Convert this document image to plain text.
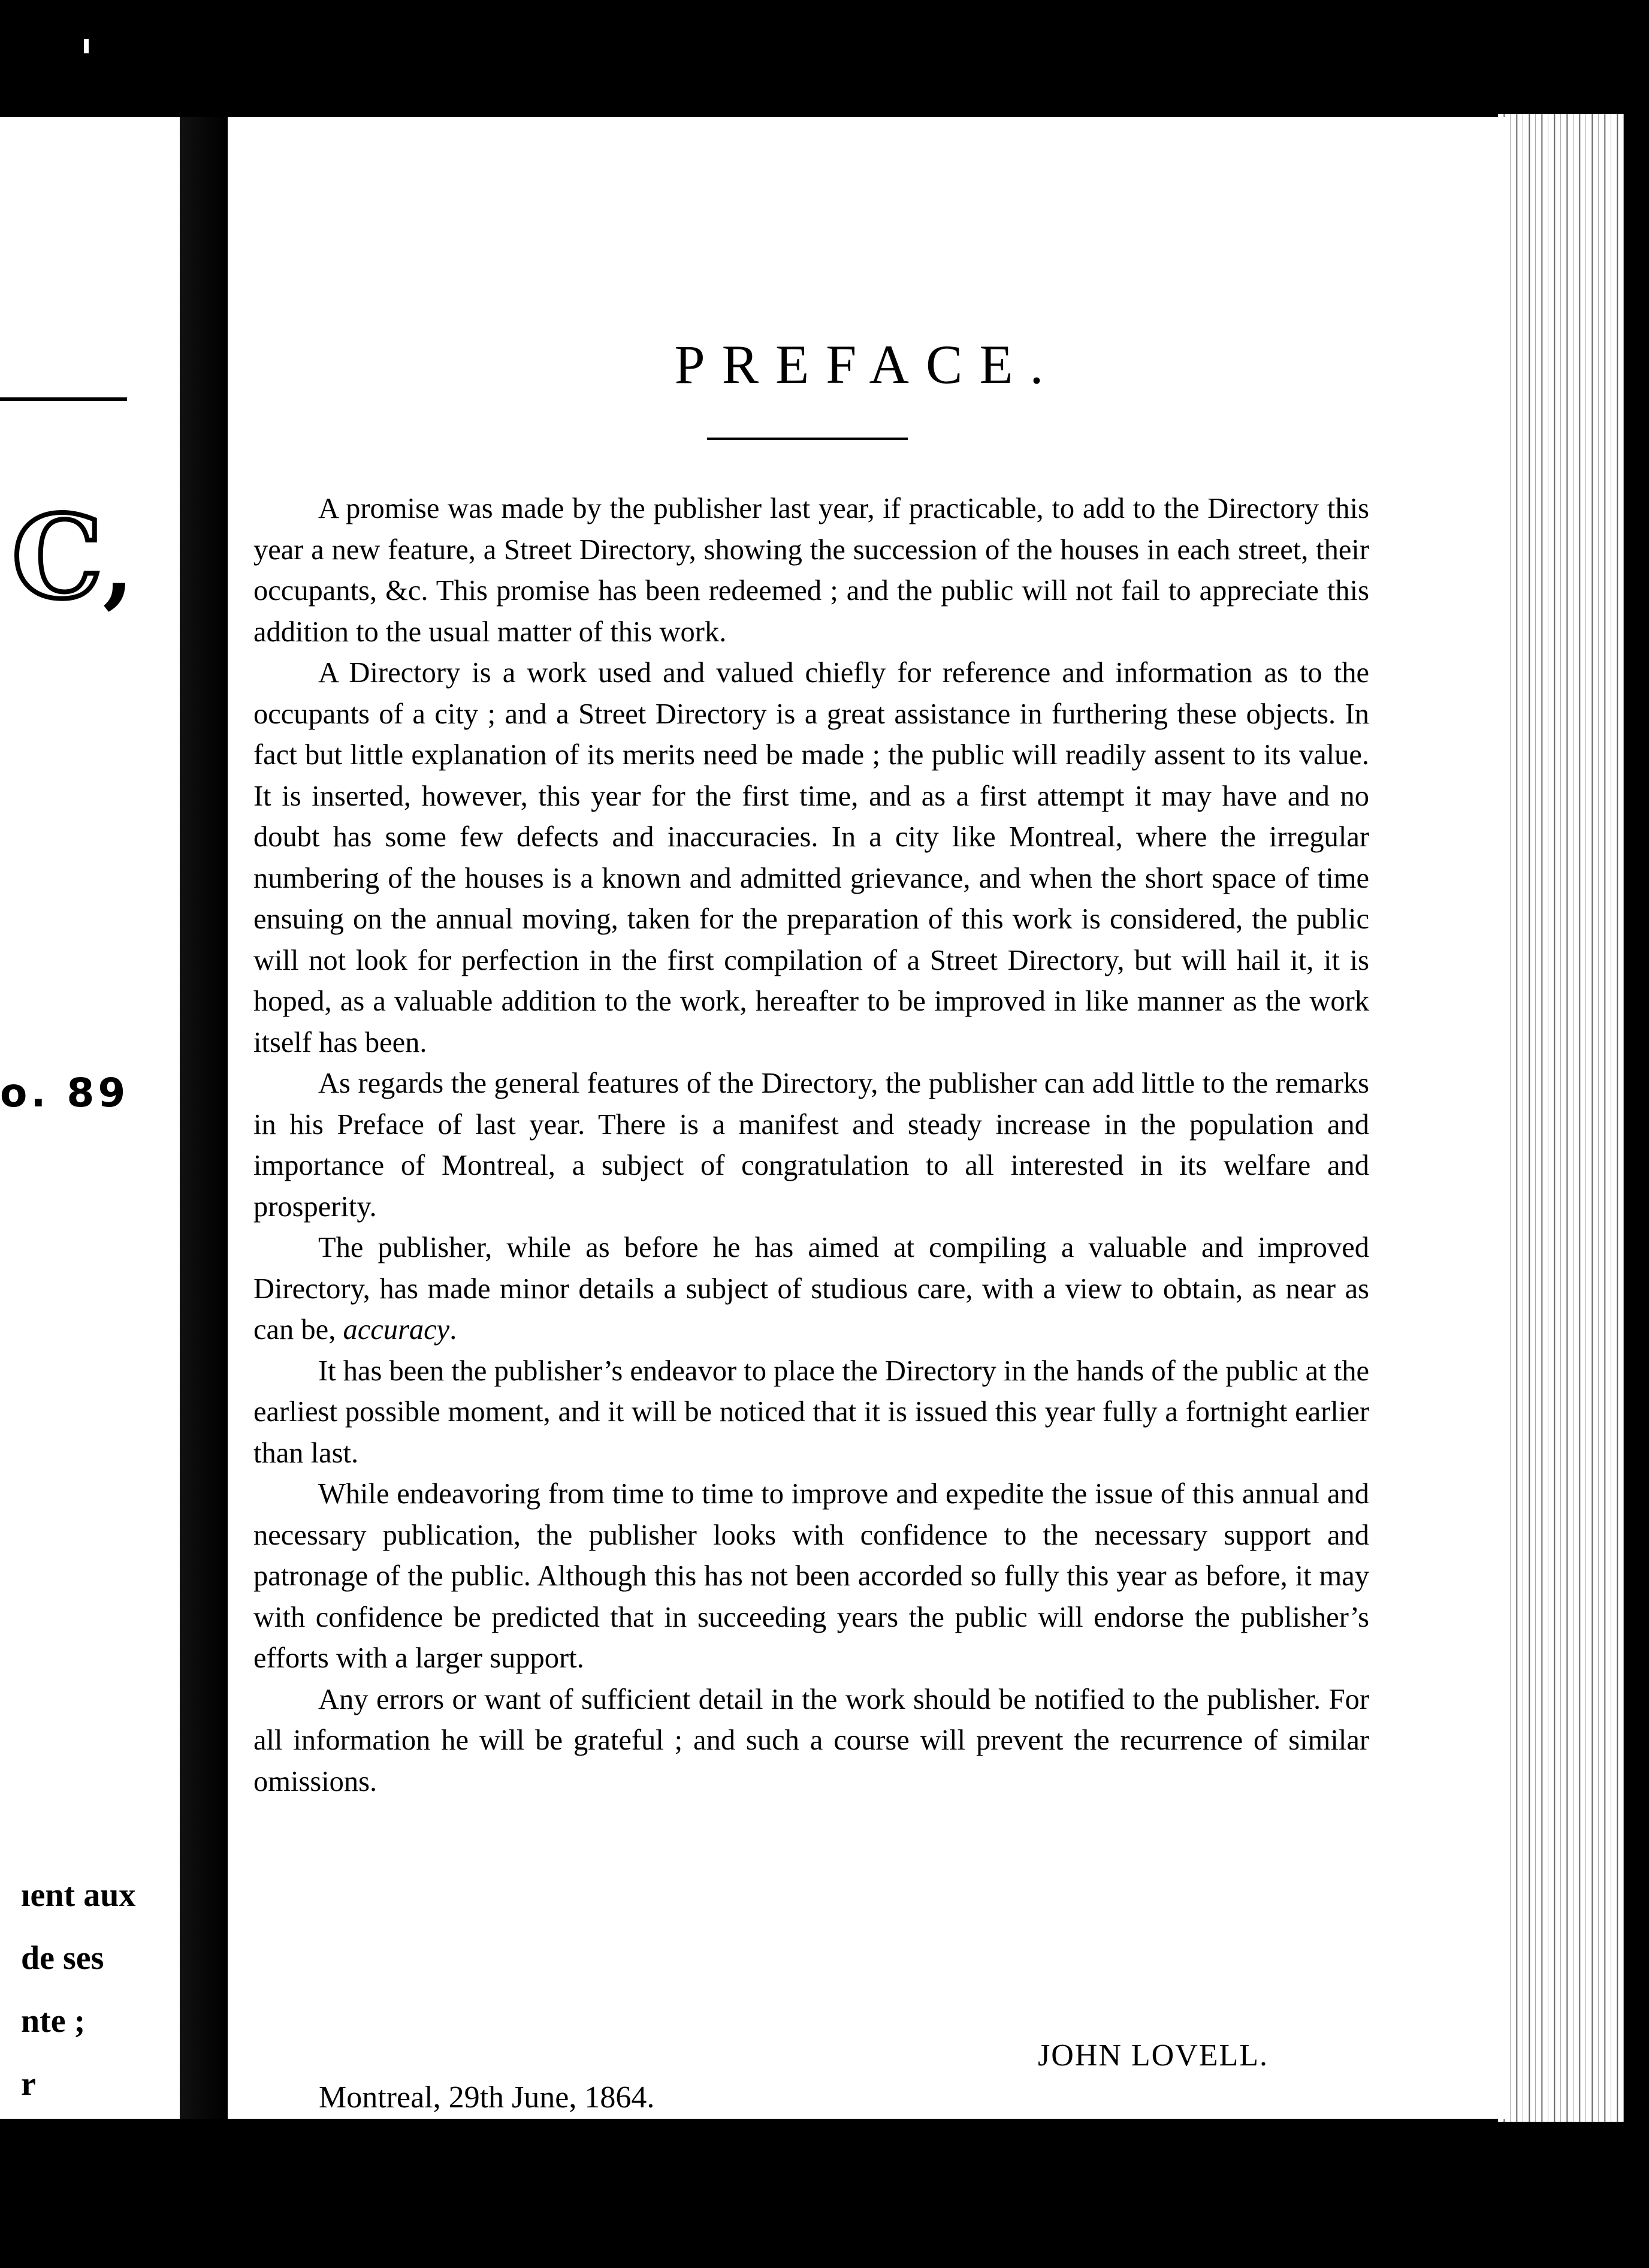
C,
o. 89
ıent aux
de ses
nte ;
r
PREFACE.

A promise was made by the publisher last year, if practicable, to add to the Directory this year a new feature, a Street Directory, showing the succession of the houses in each street, their occupants, &c. This promise has been redeemed ; and the public will not fail to appreciate this addition to the usual matter of this work.

A Directory is a work used and valued chiefly for reference and information as to the occupants of a city ; and a Street Directory is a great assistance in furthering these objects. In fact but little explanation of its merits need be made ; the public will readily assent to its value. It is inserted, however, this year for the first time, and as a first attempt it may have and no doubt has some few defects and inaccuracies. In a city like Montreal, where the irregular numbering of the houses is a known and admitted grievance, and when the short space of time ensuing on the annual moving, taken for the preparation of this work is considered, the public will not look for perfection in the first compilation of a Street Directory, but will hail it, it is hoped, as a valuable addition to the work, hereafter to be improved in like manner as the work itself has been.

As regards the general features of the Directory, the publisher can add little to the remarks in his Preface of last year. There is a manifest and steady increase in the population and importance of Montreal, a subject of congratulation to all interested in its welfare and prosperity.

The publisher, while as before he has aimed at compiling a valuable and improved Directory, has made minor details a subject of studious care, with a view to obtain, as near as can be, accuracy.

It has been the publisher’s endeavor to place the Directory in the hands of the public at the earliest possible moment, and it will be noticed that it is issued this year fully a fortnight earlier than last.

While endeavoring from time to time to improve and expedite the issue of this annual and necessary publication, the publisher looks with confidence to the necessary support and patronage of the public. Although this has not been accorded so fully this year as before, it may with confidence be predicted that in succeeding years the public will endorse the publisher’s efforts with a larger support.

Any errors or want of sufficient detail in the work should be notified to the publisher. For all information he will be grateful ; and such a course will prevent the recurrence of similar omissions.

JOHN LOVELL.
Montreal, 29th June, 1864.
